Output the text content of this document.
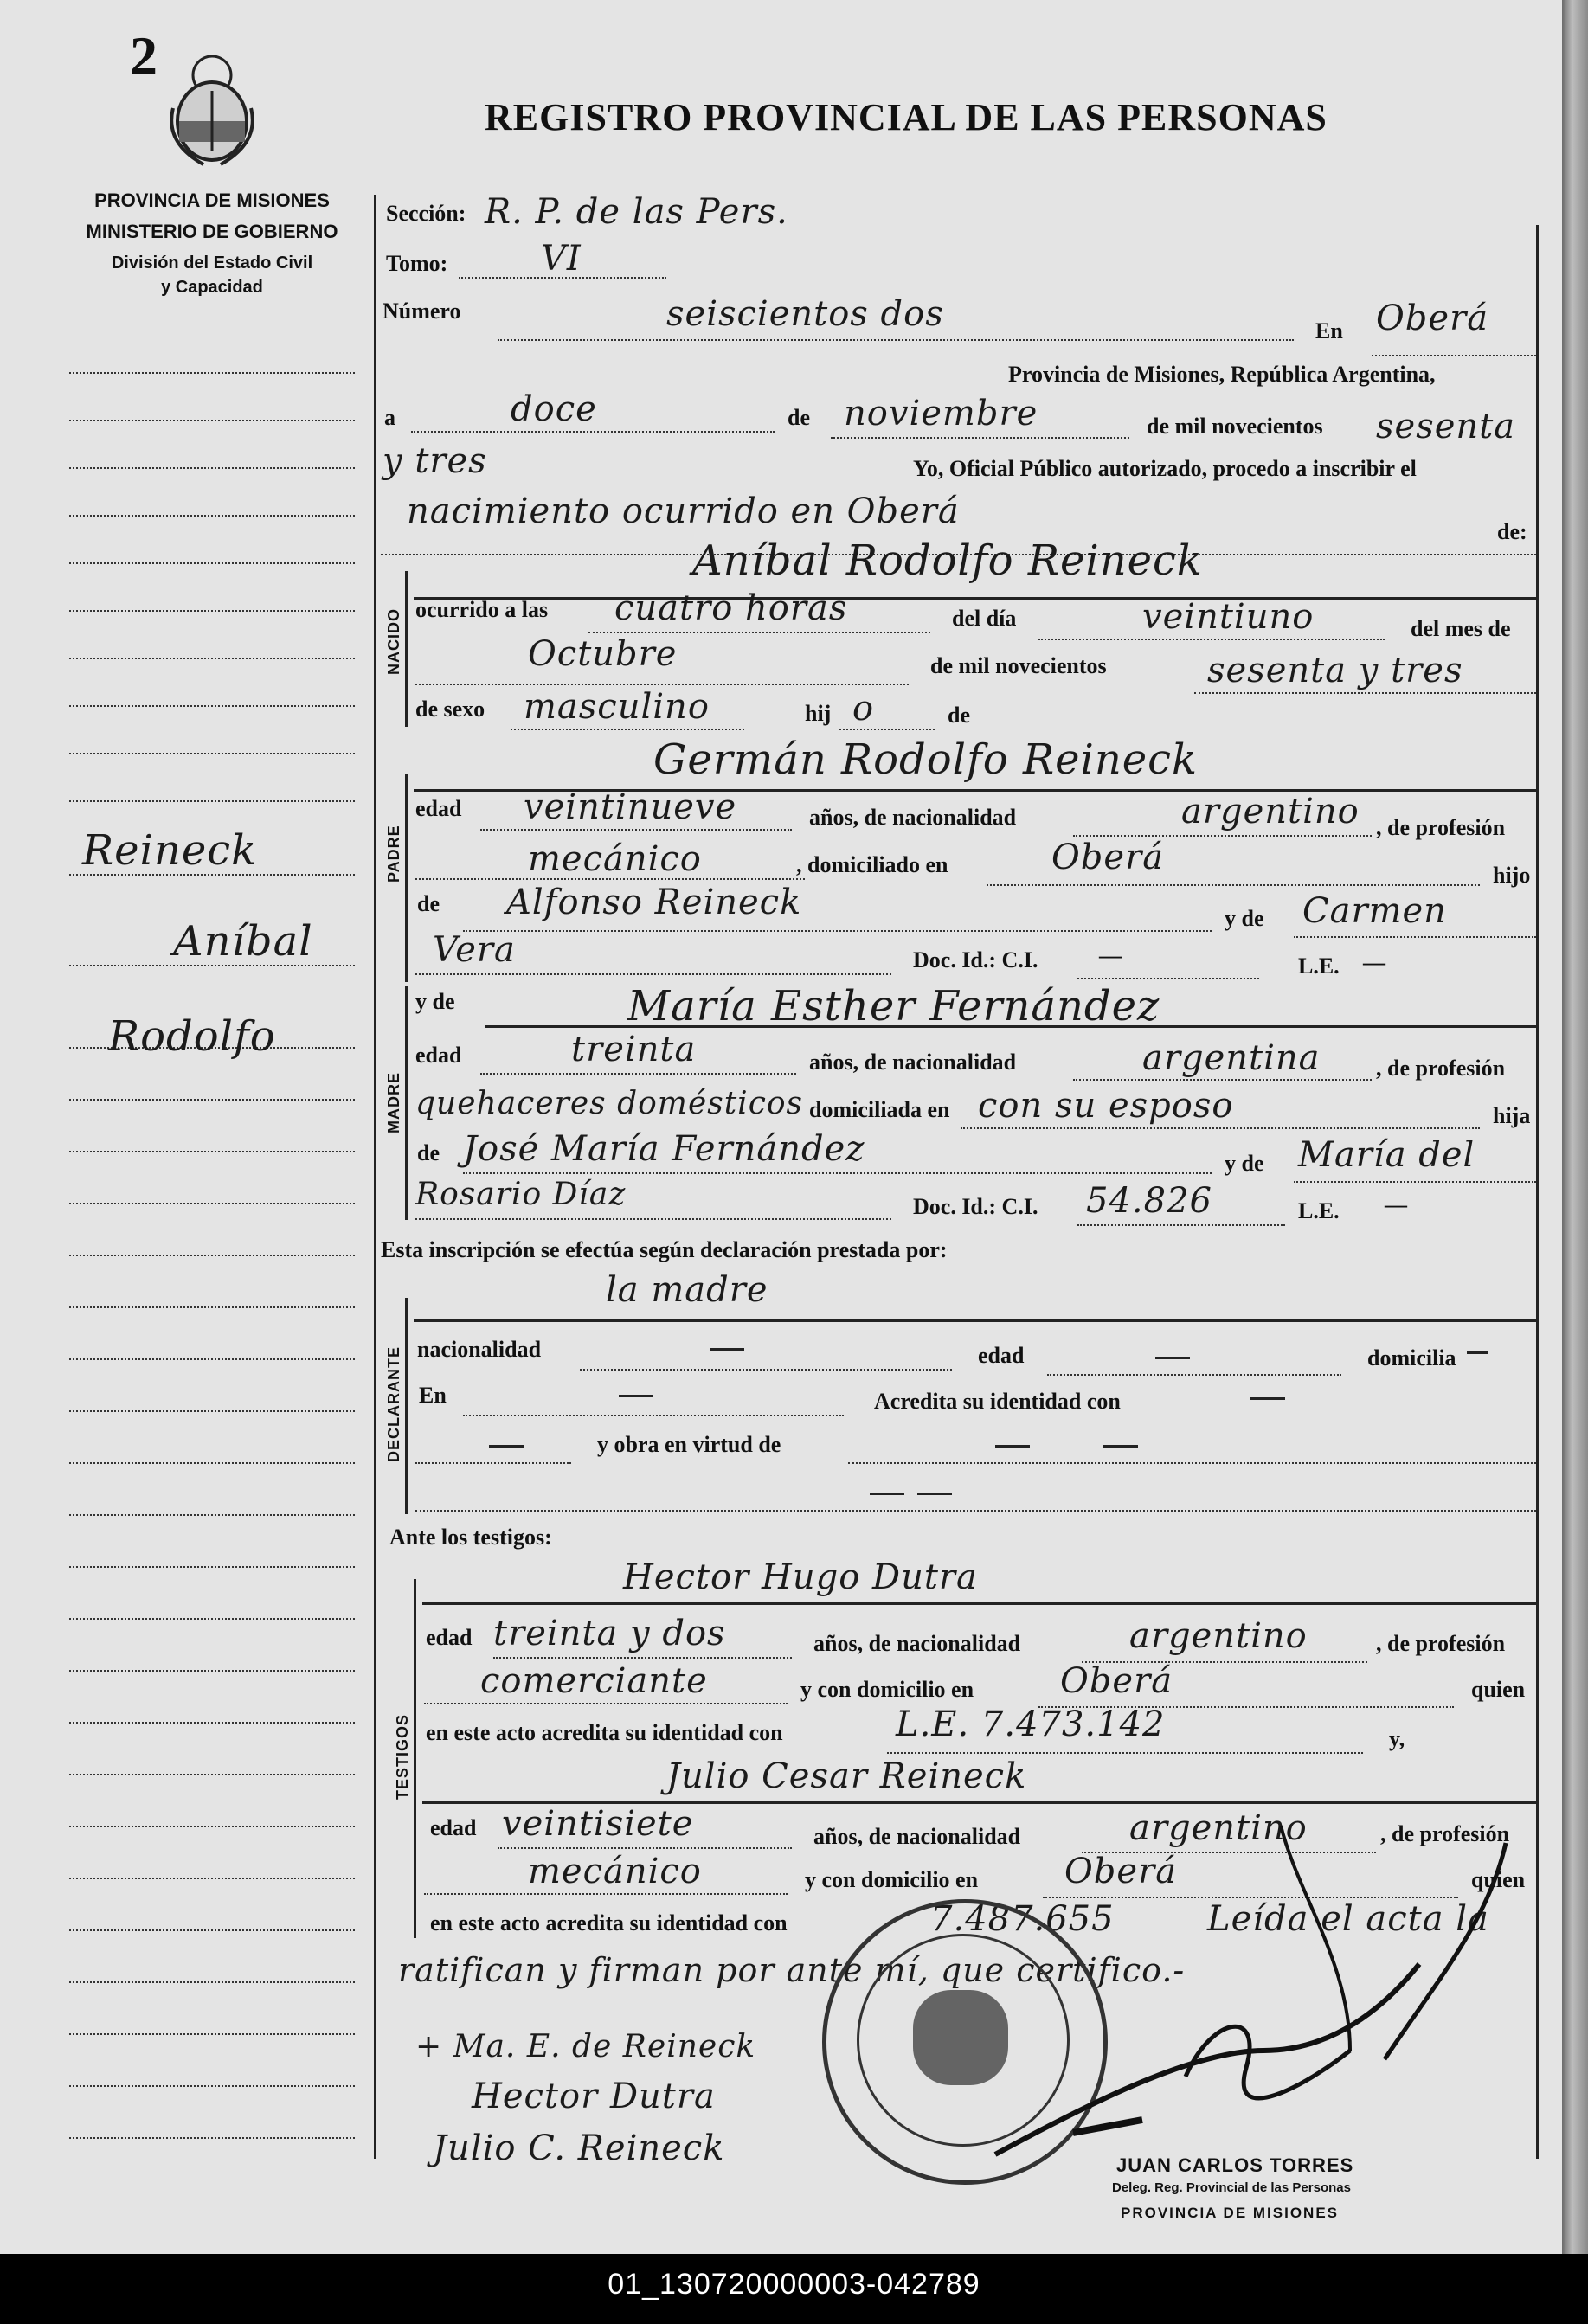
2
REGISTRO PROVINCIAL DE LAS PERSONAS
PROVINCIA DE MISIONES
MINISTERIO DE GOBIERNO
División del Estado Civil
y Capacidad
Reineck
Aníbal
Rodolfo
Sección: R. P. de las Pers.
Tomo:	VI
Número	seiscientos dos	En Oberá
Provincia de Misiones, República Argentina,
a	doce	de noviembre	de mil novecientos sesenta
y tres	Yo, Oficial Público autorizado, procedo a inscribir el
nacimiento ocurrido en Oberá
de:
Aníbal Rodolfo Reineck
NACIDO ocurrido a las cuatro horas	del día	veintiuno	del mes de
Octubre	de mil novecientos	sesenta y tres
de sexo masculino	hij o	de
Germán Rodolfo Reineck
PADRE
edad veintinueve	años, de nacionalidad	argentino , de profesión
mecánico	, domiciliado en	Oberá	hijo
de Alfonso Reineck	y de Carmen
Vera	Doc. Id.: C.I.	—	L.E. —
y de	María Esther Fernández
MADRE
edad	treinta	años, de nacionalidad	argentina , de profesión
quehaceres domésticos domiciliada en con su esposo	hija
de José María Fernández	y de María del
Rosario Díaz	Doc. Id.: C.I. 54.826	L.E. —
Esta inscripción se efectúa según declaración prestada por:
la madre
DECLARANTE nacionalidad	edad	domicilia
En	Acredita su identidad con
y obra en virtud de
Ante los testigos:
Hector Hugo Dutra
TESTIGOS
edad treinta y dos	años, de nacionalidad	argentino	, de profesión
comerciante	y con domicilio en Oberá	quien
en este acto acredita su identidad con	L.E. 7.473.142	y,
Julio Cesar Reineck
edad veintisiete	años, de nacionalidad	argentino	, de profesión
mecánico	y con domicilio en Oberá	quien
en este acto acredita su identidad con	7.487.655	Leída el acta la
ratifican y firman por ante mí, que certifico.-
+ Ma. E. de Reineck
Hector Dutra
Julio C. Reineck	JUAN CARLOS TORRES
Deleg. Reg. Provincial de las Personas
PROVINCIA DE MISIONES
01_130720000003-042789
